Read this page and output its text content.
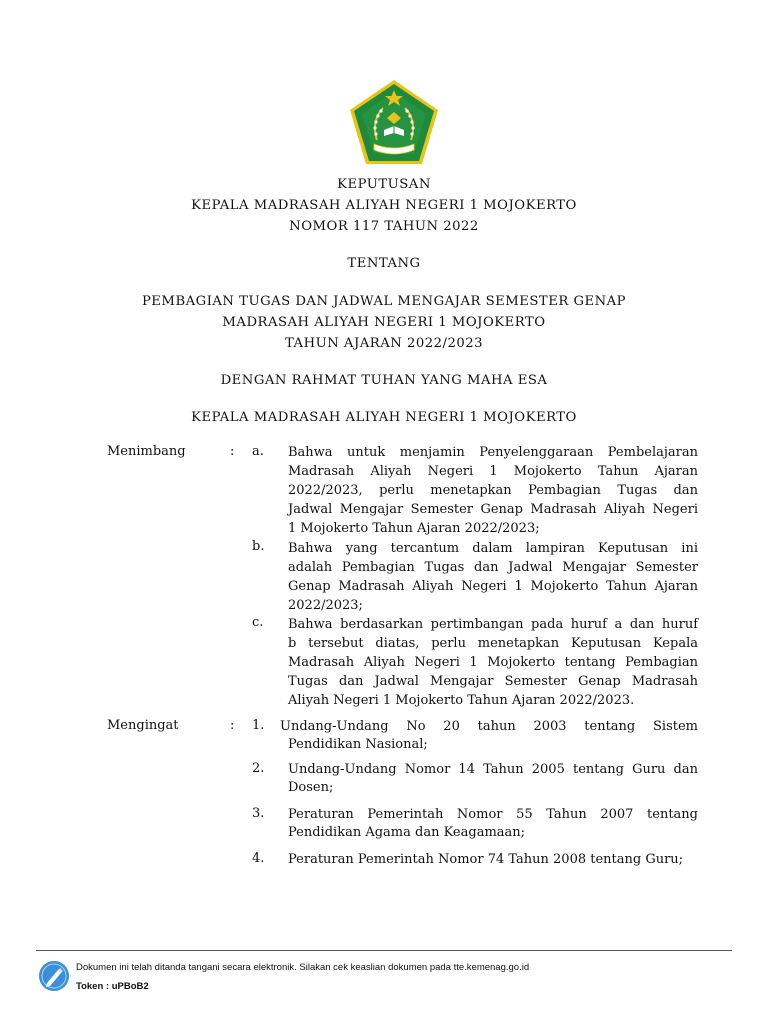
KEPUTUSAN
KEPALA MADRASAH ALIYAH NEGERI 1 MOJOKERTO
NOMOR 117 TAHUN 2022
TENTANG
PEMBAGIAN TUGAS DAN JADWAL MENGAJAR SEMESTER GENAP
MADRASAH ALIYAH NEGERI 1 MOJOKERTO
TAHUN AJARAN 2022/2023
DENGAN RAHMAT TUHAN YANG MAHA ESA
KEPALA MADRASAH ALIYAH NEGERI 1 MOJOKERTO
Menimbang	: a. Bahwa untuk menjamin Penyelenggaraan Pembelajaran
Madrasah Aliyah Negeri 1 Mojokerto Tahun Ajaran
2022/2023, perlu menetapkan Pembagian Tugas dan
Jadwal Mengajar Semester Genap Madrasah Aliyah Negeri
1 Mojokerto Tahun Ajaran 2022/2023;
b. Bahwa yang tercantum dalam lampiran Keputusan ini
adalah Pembagian Tugas dan Jadwal Mengajar Semester
Genap Madrasah Aliyah Negeri 1 Mojokerto Tahun Ajaran
2022/2023;
c. Bahwa berdasarkan pertimbangan pada huruf a dan huruf
b tersebut diatas, perlu menetapkan Keputusan Kepala
Madrasah Aliyah Negeri 1 Mojokerto tentang Pembagian
Tugas dan Jadwal Mengajar Semester Genap Madrasah
Aliyah Negeri 1 Mojokerto Tahun Ajaran 2022/2023.
Mengingat	: 1. Undang-Undang No 20 tahun 2003 tentang Sistem
Pendidikan Nasional;
2. Undang-Undang Nomor 14 Tahun 2005 tentang Guru dan
Dosen;
3. Peraturan Pemerintah Nomor 55 Tahun 2007 tentang
Pendidikan Agama dan Keagamaan;
4. Peraturan Pemerintah Nomor 74 Tahun 2008 tentang Guru;
Dokumen ini telah ditanda tangani secara elektronik. Silakan cek keaslian dokumen pada tte.kemenag.go.id
Token : uPBoB2
